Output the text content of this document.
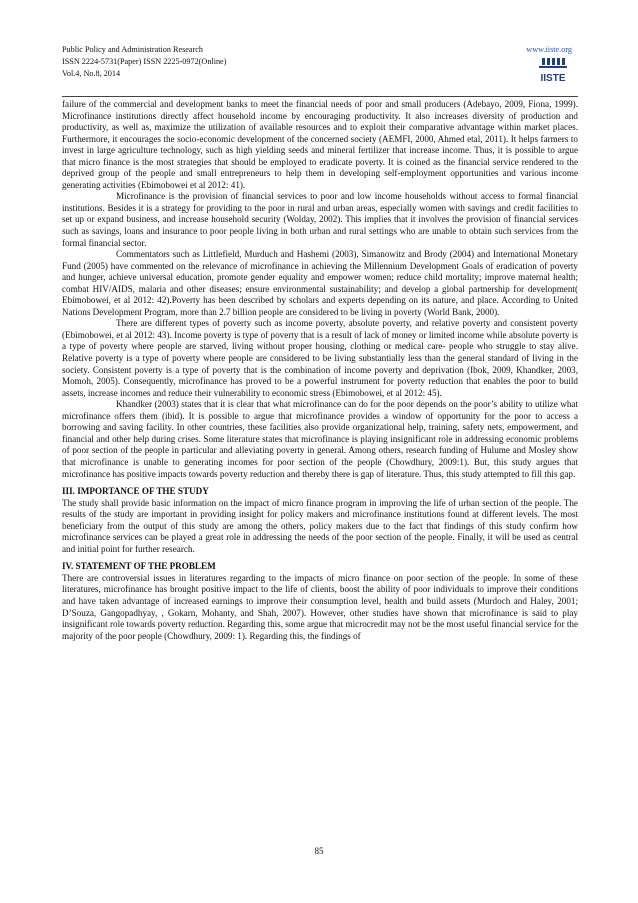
Public Policy and Administration Research
ISSN 2224-5731(Paper) ISSN 2225-0972(Online)
Vol.4, No.8, 2014
www.iiste.org
IISTE

failure of the commercial and development banks to meet the financial needs of poor and small producers (Adebayo, 2009, Fiona, 1999). Microfinance institutions directly affect household income by encouraging productivity. It also increases diversity of production and productivity, as well as, maximize the utilization of available resources and to exploit their comparative advantage within market places. Furthermore, it encourages the socio-economic development of the concerned society (AEMFI, 2000, Ahmed etal, 2011). It helps farmers to invest in large agriculture technology, such as high yielding seeds and mineral fertilizer that increase income. Thus, it is possible to argue that micro finance is the most strategies that should be employed to eradicate poverty. It is coined as the financial service rendered to the deprived group of the people and small entrepreneurs to help them in developing self-employment opportunities and various income generating activities (Ebimobowei et al 2012: 41).

Microfinance is the provision of financial services to poor and low income households without access to formal financial institutions. Besides it is a strategy for providing to the poor in rural and urban areas, especially women with savings and credit facilities to set up or expand business, and increase household security (Wolday, 2002). This implies that it involves the provision of financial services such as savings, loans and insurance to poor people living in both urban and rural settings who are unable to obtain such services from the formal financial sector.

Commentators such as Littlefield, Murduch and Hashemi (2003), Simanowitz and Brody (2004) and International Monetary Fund (2005) have commented on the relevance of microfinance in achieving the Millennium Development Goals of eradication of poverty and hunger, achieve universal education, promote gender equality and empower women; reduce child mortality; improve maternal health; combat HIV/AIDS, malaria and other diseases; ensure environmental sustainability; and develop a global partnership for development( Ebimobowei, et al 2012: 42).Poverty has been described by scholars and experts depending on its nature, and place. According to United Nations Development Program, more than 2.7 billion people are considered to be living in poverty (World Bank, 2000).

There are different types of poverty such as income poverty, absolute poverty, and relative poverty and consistent poverty (Ebimobowei, et al 2012: 43). Income poverty is type of poverty that is a result of lack of money or limited income while absolute poverty is a type of poverty where people are starved, living without proper housing, clothing or medical care- people who struggle to stay alive. Relative poverty is a type of poverty where people are considered to be living substantially less than the general standard of living in the society. Consistent poverty is a type of poverty that is the combination of income poverty and deprivation (Ibok, 2009, Khandker, 2003, Momoh, 2005). Consequently, microfinance has proved to be a powerful instrument for poverty reduction that enables the poor to build assets, increase incomes and reduce their vulnerability to economic stress (Ebimobowei, et al 2012: 45).

Khandker (2003) states that it is clear that what microfinance can do for the poor depends on the poor’s ability to utilize what microfinance offers them (ibid). It is possible to argue that microfinance provides a window of opportunity for the poor to access a borrowing and saving facility. In other countries, these facilities also provide organizational help, training, safety nets, empowerment, and financial and other help during crises. Some literature states that microfinance is playing insignificant role in addressing economic problems of poor section of the people in particular and alleviating poverty in general. Among others, research funding of Hulume and Mosley show that microfinance is unable to generating incomes for poor section of the people (Chowdhury, 2009:1). But, this study argues that microfinance has positive impacts towards poverty reduction and thereby there is gap of literature. Thus, this study attempted to fill this gap.

III. IMPORTANCE OF THE STUDY

The study shall provide basic information on the impact of micro finance program in improving the life of urban section of the people. The results of the study are important in providing insight for policy makers and microfinance institutions found at different levels. The most beneficiary from the output of this study are among the others, policy makers due to the fact that findings of this study confirm how microfinance services can be played a great role in addressing the needs of the poor section of the people. Finally, it will be used as central and initial point for further research.

IV. STATEMENT OF THE PROBLEM

There are controversial issues in literatures regarding to the impacts of micro finance on poor section of the people. In some of these literatures, microfinance has brought positive impact to the life of clients, boost the ability of poor individuals to improve their conditions and have taken advantage of increased earnings to improve their consumption level, health and build assets (Murdoch and Haley, 2001; D’Souza, Gangopadhyay, , Gokarn, Mohanty, and Shah, 2007). However, other studies have shown that microfinance is said to play insignificant role towards poverty reduction. Regarding this, some argue that microcredit may not be the most useful financial service for the majority of the poor people (Chowdhury, 2009: 1). Regarding this, the findings of

85
